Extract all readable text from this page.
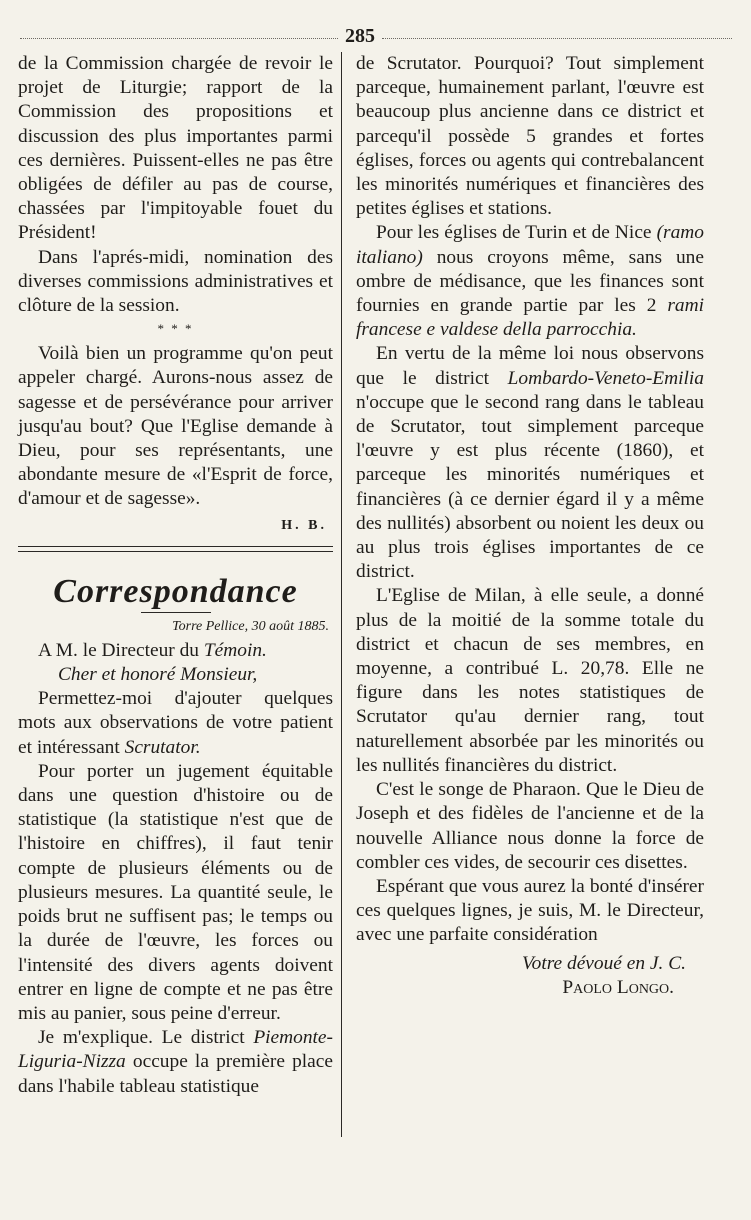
285

de la Commission chargée de revoir le projet de Liturgie; rapport de la Commission des propositions et discussion des plus importantes parmi ces dernières. Puissent-elles ne pas être obligées de défiler au pas de course, chassées par l'impitoyable fouet du Président!

Dans l'aprés-midi, nomination des diverses commissions administratives et clôture de la session.

* * *

Voilà bien un programme qu'on peut appeler chargé. Aurons-nous assez de sagesse et de persévérance pour arriver jusqu'au bout? Que l'Eglise demande à Dieu, pour ses représentants, une abondante mesure de «l'Esprit de force, d'amour et de sagesse».

H. B.

Correspondance

Torre Pellice, 30 août 1885.

A M. le Directeur du Témoin.

Cher et honoré Monsieur,

Permettez-moi d'ajouter quelques mots aux observations de votre patient et intéressant Scrutator.

Pour porter un jugement équitable dans une question d'histoire ou de statistique (la statistique n'est que de l'histoire en chiffres), il faut tenir compte de plusieurs éléments ou de plusieurs mesures. La quantité seule, le poids brut ne suffisent pas; le temps ou la durée de l'œuvre, les forces ou l'intensité des divers agents doivent entrer en ligne de compte et ne pas être mis au panier, sous peine d'erreur.

Je m'explique. Le district Piemonte-Liguria-Nizza occupe la première place dans l'habile tableau statistique

de Scrutator. Pourquoi? Tout simplement parceque, humainement parlant, l'œuvre est beaucoup plus ancienne dans ce district et parcequ'il possède 5 grandes et fortes églises, forces ou agents qui contrebalancent les minorités numériques et financières des petites églises et stations.

Pour les églises de Turin et de Nice (ramo italiano) nous croyons même, sans une ombre de médisance, que les finances sont fournies en grande partie par les 2 rami francese e valdese della parrocchia.

En vertu de la même loi nous observons que le district Lombardo-Veneto-Emilia n'occupe que le second rang dans le tableau de Scrutator, tout simplement parceque l'œuvre y est plus récente (1860), et parceque les minorités numériques et financières (à ce dernier égard il y a même des nullités) absorbent ou noient les deux ou au plus trois églises importantes de ce district.

L'Eglise de Milan, à elle seule, a donné plus de la moitié de la somme totale du district et chacun de ses membres, en moyenne, a contribué L. 20,78. Elle ne figure dans les notes statistiques de Scrutator qu'au dernier rang, tout naturellement absorbée par les minorités ou les nullités financières du district.

C'est le songe de Pharaon. Que le Dieu de Joseph et des fidèles de l'ancienne et de la nouvelle Alliance nous donne la force de combler ces vides, de secourir ces disettes.

Espérant que vous aurez la bonté d'insérer ces quelques lignes, je suis, M. le Directeur, avec une parfaite considération

Votre dévoué en J. C.

Paolo Longo.
